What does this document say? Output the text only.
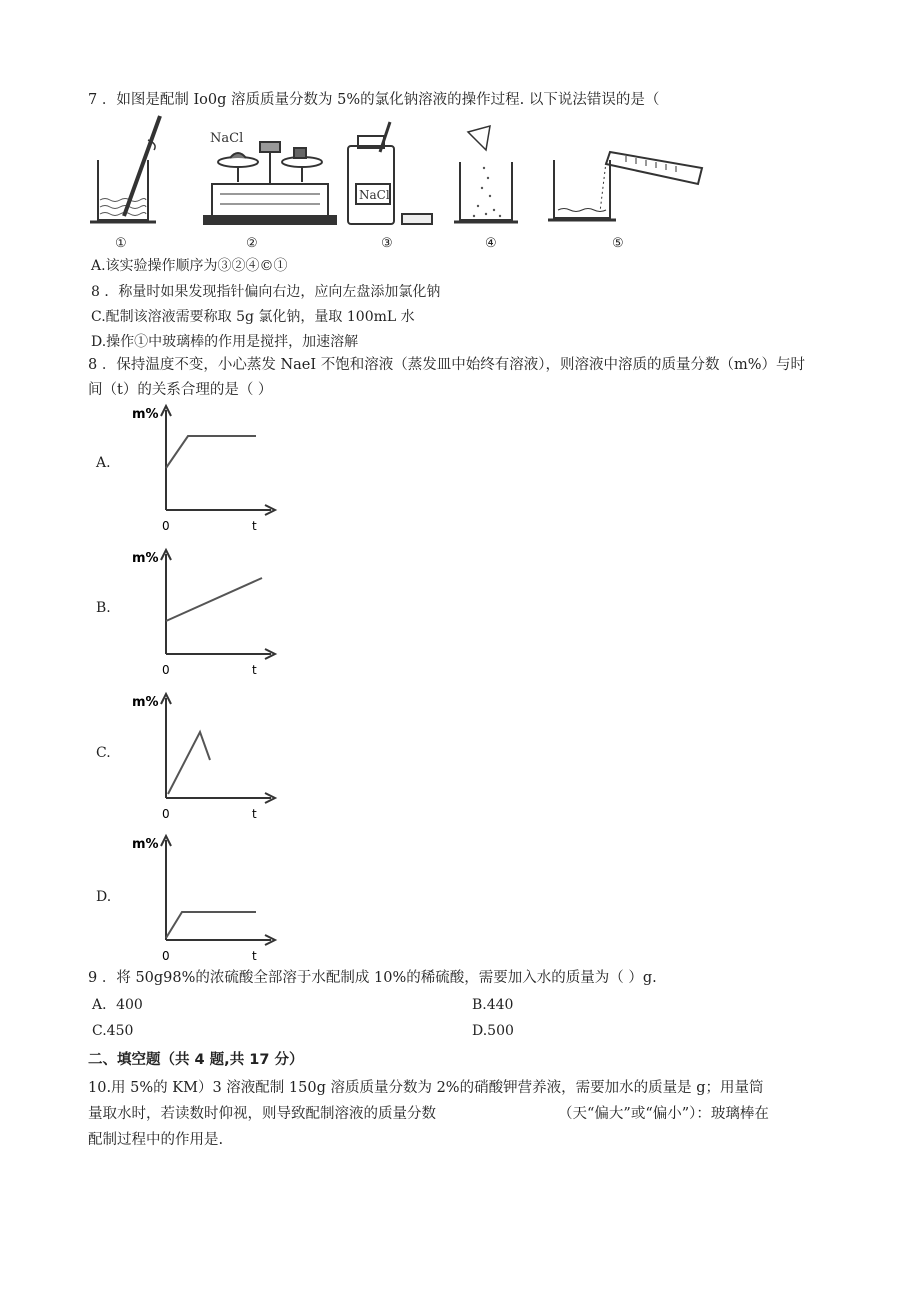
7 ．如图是配制 Io0g 溶质质量分数为 5%的氯化钠溶液的操作过程. 以下说法错误的是（
NaCl
NaCl
①	②	③	④	⑤
A.该实验操作顺序为③②④©①
8 ．称量时如果发现指针偏向右边，应向左盘添加氯化钠
C.配制该溶液需要称取 5g 氯化钠，量取 100mL 水
D.操作①中玻璃棒的作用是搅拌，加速溶解
8 ．保持温度不变，小心蒸发 NaeI 不饱和溶液（蒸发皿中始终有溶液），则溶液中溶质的质量分数（m%）与时
间（t）的关系合理的是（ ）
A.
m%
0	t
B.
m%
0	t
C.
m%
0	t
D.
m%
0	t
9 ．将 50g98%的浓硫酸全部溶于水配制成 10%的稀硫酸，需要加入水的质量为（ ）g.
A．400	B.440
C.450	D.500
二、填空题（共 4 题,共 17 分）
10.用 5%的 KM）3 溶液配制 150g 溶质质量分数为 2%的硝酸钾营养液，需要加水的质量是 g；用量筒
量取水时，若读数时仰视，则导致配制溶液的质量分数	（天“偏大”或“偏小”）：玻璃棒在
配制过程中的作用是.
